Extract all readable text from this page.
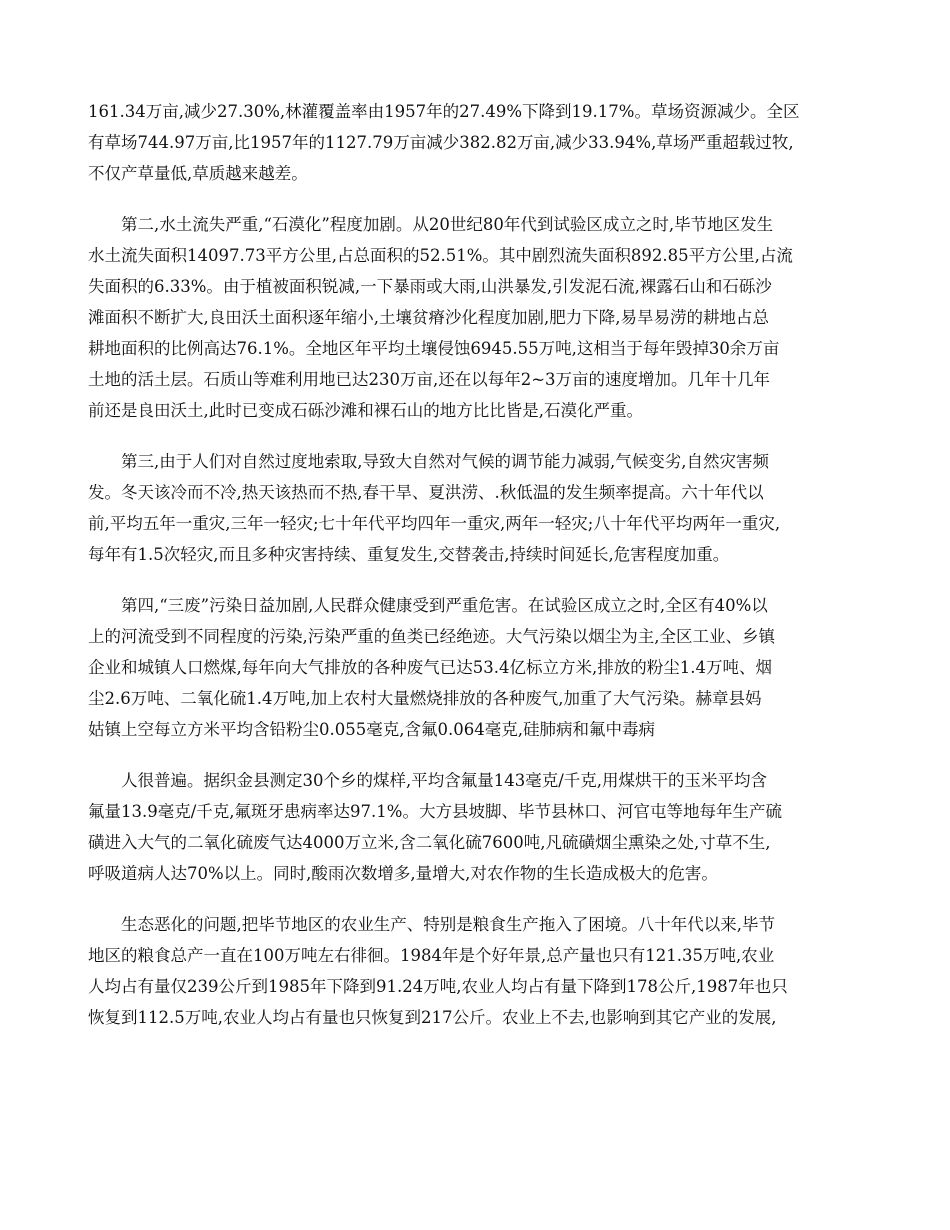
161.34万亩,减少27.30%,林灌覆盖率由1957年的27.49%下降到19.17%。草场资源减少。全区
有草场744.97万亩,比1957年的1127.79万亩减少382.82万亩,减少33.94%,草场严重超载过牧,
不仅产草量低,草质越来越差。

　　第二,水土流失严重,“石漠化”程度加剧。从20世纪80年代到试验区成立之时,毕节地区发生
水土流失面积14097.73平方公里,占总面积的52.51%。其中剧烈流失面积892.85平方公里,占流
失面积的6.33%。由于植被面积锐减,一下暴雨或大雨,山洪暴发,引发泥石流,裸露石山和石砾沙
滩面积不断扩大,良田沃土面积逐年缩小,土壤贫瘠沙化程度加剧,肥力下降,易旱易涝的耕地占总
耕地面积的比例高达76.1%。全地区年平均土壤侵蚀6945.55万吨,这相当于每年毁掉30余万亩
土地的活土层。石质山等难利用地已达230万亩,还在以每年2~3万亩的速度增加。几年十几年
前还是良田沃土,此时已变成石砾沙滩和裸石山的地方比比皆是,石漠化严重。

　　第三,由于人们对自然过度地索取,导致大自然对气候的调节能力减弱,气候变劣,自然灾害频
发。冬天该冷而不冷,热天该热而不热,春干旱、夏洪涝、.秋低温的发生频率提高。六十年代以
前,平均五年一重灾,三年一轻灾;七十年代平均四年一重灾,两年一轻灾;八十年代平均两年一重灾,
每年有1.5次轻灾,而且多种灾害持续、重复发生,交替袭击,持续时间延长,危害程度加重。

　　第四,“三废”污染日益加剧,人民群众健康受到严重危害。在试验区成立之时,全区有40%以
上的河流受到不同程度的污染,污染严重的鱼类已经绝迹。大气污染以烟尘为主,全区工业、乡镇
企业和城镇人口燃煤,每年向大气排放的各种废气已达53.4亿标立方米,排放的粉尘1.4万吨、烟
尘2.6万吨、二氧化硫1.4万吨,加上农村大量燃烧排放的各种废气,加重了大气污染。赫章县妈
姑镇上空每立方米平均含铅粉尘0.055毫克,含氟0.064毫克,硅肺病和氟中毒病

　　人很普遍。据织金县测定30个乡的煤样,平均含氟量143毫克/千克,用煤烘干的玉米平均含
氟量13.9毫克/千克,氟斑牙患病率达97.1%。大方县坡脚、毕节县林口、河官屯等地每年生产硫
磺进入大气的二氧化硫废气达4000万立米,含二氧化硫7600吨,凡硫磺烟尘熏染之处,寸草不生,
呼吸道病人达70%以上。同时,酸雨次数增多,量增大,对农作物的生长造成极大的危害。

　　生态恶化的问题,把毕节地区的农业生产、特别是粮食生产拖入了困境。八十年代以来,毕节
地区的粮食总产一直在100万吨左右徘徊。1984年是个好年景,总产量也只有121.35万吨,农业
人均占有量仅239公斤到1985年下降到91.24万吨,农业人均占有量下降到178公斤,1987年也只
恢复到112.5万吨,农业人均占有量也只恢复到217公斤。农业上不去,也影响到其它产业的发展,
